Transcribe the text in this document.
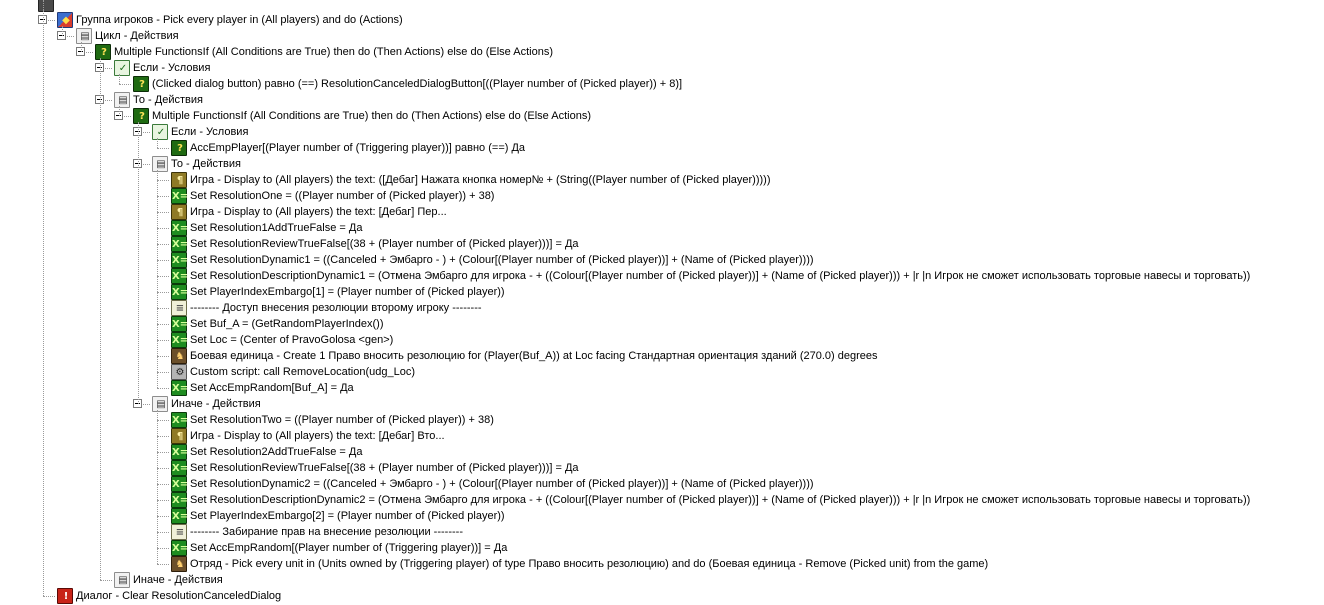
◆
Группа игроков - Pick every player in (All players) and do (Actions)
▤
Цикл - Действия
?
Multiple FunctionsIf (All Conditions are True) then do (Then Actions) else do (Else Actions)
✓
Если - Условия
?
(Clicked dialog button) равно (==) ResolutionCanceledDialogButton[((Player number of (Picked player)) + 8)]
▤
То - Действия
?
Multiple FunctionsIf (All Conditions are True) then do (Then Actions) else do (Else Actions)
✓
Если - Условия
?
AccEmpPlayer[(Player number of (Triggering player))] равно (==) Да
▤
То - Действия
¶
Игра - Display to (All players) the text: ([Дебаг] Нажата кнопка номер№ + (String((Player number of (Picked player)))))
X=
Set ResolutionOne = ((Player number of (Picked player)) + 38)
¶
Игра - Display to (All players) the text: [Дебаг] Пер...
X=
Set Resolution1AddTrueFalse = Да
X=
Set ResolutionReviewTrueFalse[(38 + (Player number of (Picked player)))] = Да
X=
Set ResolutionDynamic1 = ((Canceled + Эмбарго - ) + (Colour[(Player number of (Picked player))] + (Name of (Picked player))))
X=
Set ResolutionDescriptionDynamic1 = (Отмена Эмбарго для игрока - + ((Colour[(Player number of (Picked player))] + (Name of (Picked player))) + |r |n Игрок не сможет использовать торговые навесы и торговать))
X=
Set PlayerIndexEmbargo[1] = (Player number of (Picked player))
≡
-------- Доступ внесения резолюции второму игроку --------
X=
Set Buf_A = (GetRandomPlayerIndex())
X=
Set Loc = (Center of PravoGolosa <gen>)
♞
Боевая единица - Create 1 Право вносить резолюцию for (Player(Buf_A)) at Loc facing Стандартная ориентация зданий (270.0) degrees
⚙
Custom script: call RemoveLocation(udg_Loc)
X=
Set AccEmpRandom[Buf_A] = Да
▤
Иначе - Действия
X=
Set ResolutionTwo = ((Player number of (Picked player)) + 38)
¶
Игра - Display to (All players) the text: [Дебаг] Вто...
X=
Set Resolution2AddTrueFalse = Да
X=
Set ResolutionReviewTrueFalse[(38 + (Player number of (Picked player)))] = Да
X=
Set ResolutionDynamic2 = ((Canceled + Эмбарго - ) + (Colour[(Player number of (Picked player))] + (Name of (Picked player))))
X=
Set ResolutionDescriptionDynamic2 = (Отмена Эмбарго для игрока - + ((Colour[(Player number of (Picked player))] + (Name of (Picked player))) + |r |n Игрок не сможет использовать торговые навесы и торговать))
X=
Set PlayerIndexEmbargo[2] = (Player number of (Picked player))
≡
-------- Забирание прав на внесение резолюции --------
X=
Set AccEmpRandom[(Player number of (Triggering player))] = Да
♞
Отряд - Pick every unit in (Units owned by (Triggering player) of type Право вносить резолюцию) and do (Боевая единица - Remove (Picked unit) from the game)
▤
Иначе - Действия
!
Диалог - Clear ResolutionCanceledDialog
